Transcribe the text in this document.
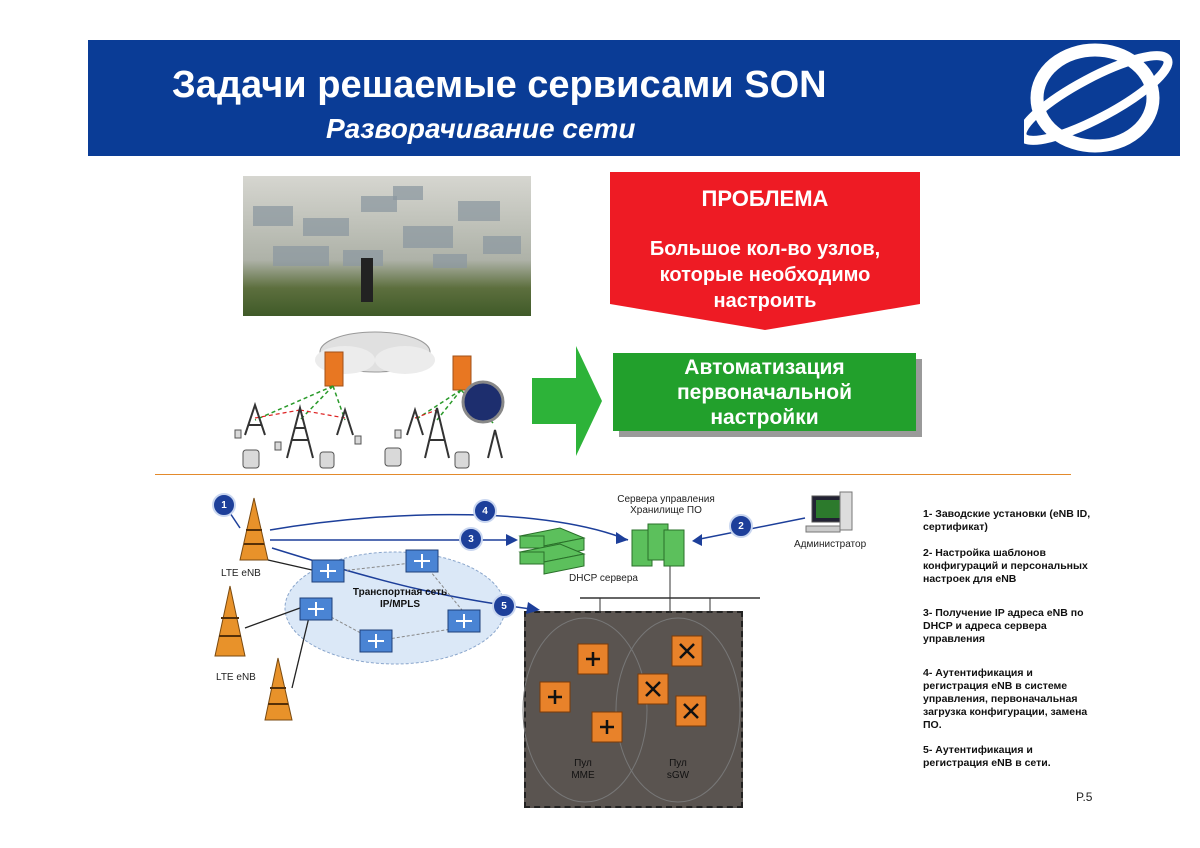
Задачи решаемые сервисами SON
Разворачивание сети
ПРОБЛЕМА
Большое кол-во узлов,
которые необходимо
настроить
Автоматизация
первоначальной
настройки
1
2
3
4
5
Сервера управления
Хранилище ПО
Администратор
DHCP сервера
Транспортная сеть
IP/MPLS
LTE eNB
LTE eNB
Пул
MME
Пул
sGW
1- Заводские установки (eNB ID, сертификат)
2- Настройка шаблонов конфигураций и персональных настроек для eNB
3- Получение IP адреса eNB по DHCP и адреса сервера управления
4- Аутентификация и регистрация eNB в системе управления, первоначальная загрузка конфигурации, замена ПО.
5- Аутентификация и регистрация eNB в сети.
P.5
